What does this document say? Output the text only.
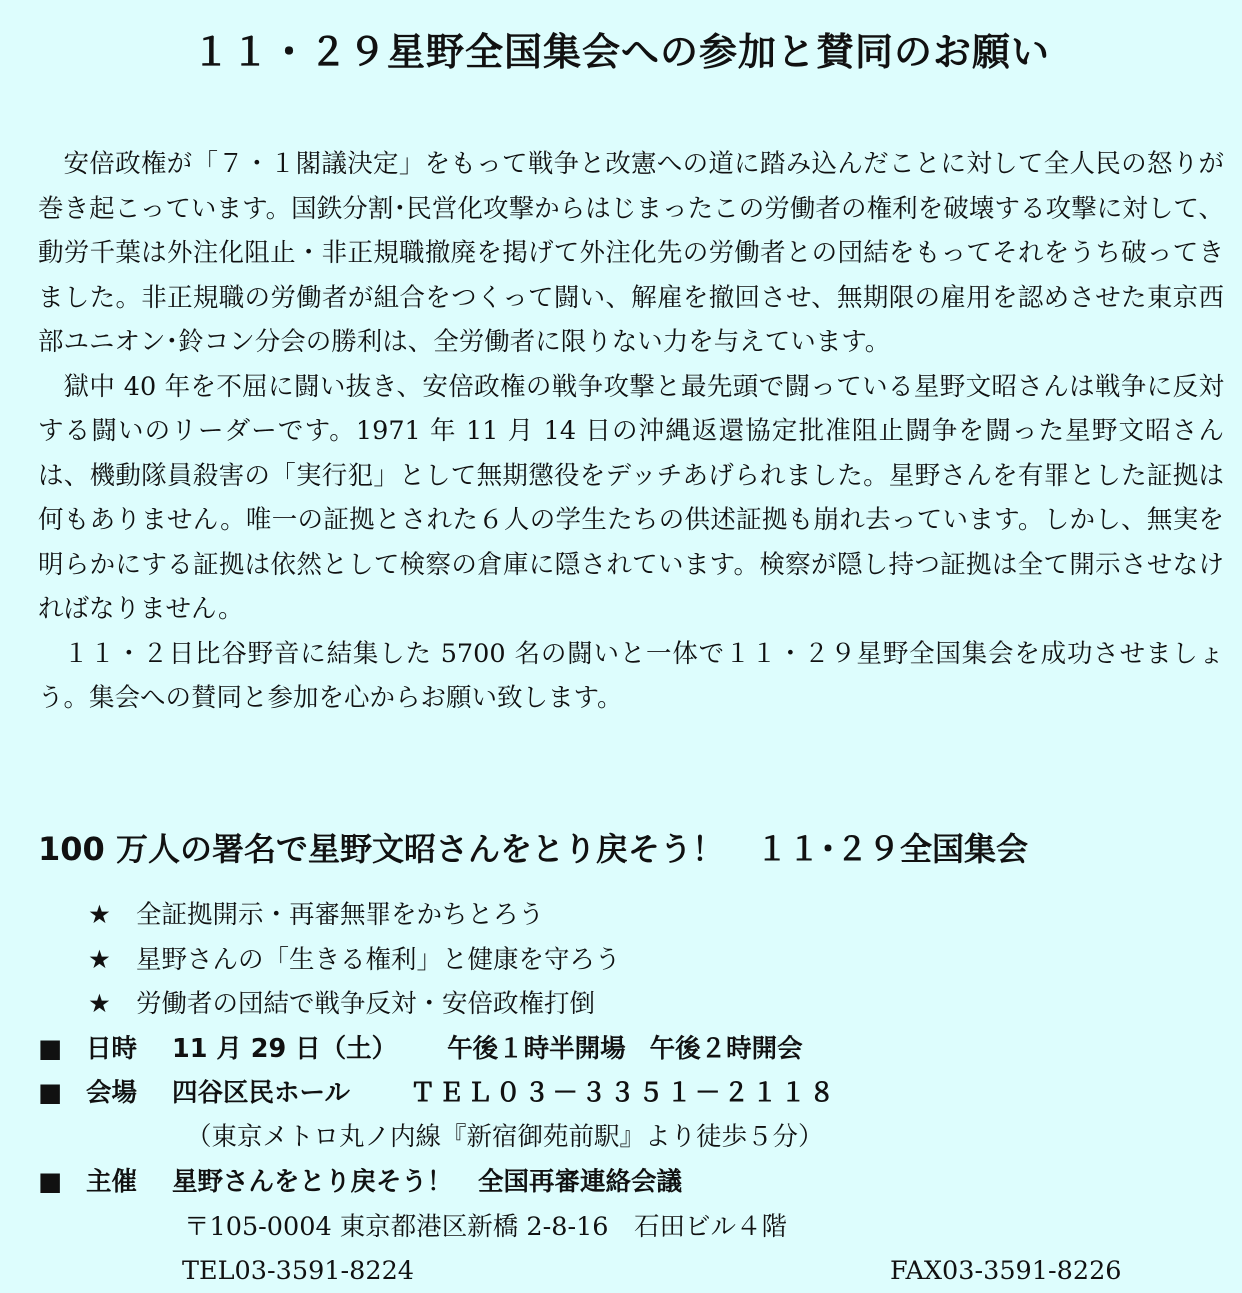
１１・２９星野全国集会への参加と賛同のお願い

安倍政権が「７・１閣議決定」をもって戦争と改憲への道に踏み込んだことに対して全人民の怒りが巻き起こっています。国鉄分割･民営化攻撃からはじまったこの労働者の権利を破壊する攻撃に対して、動労千葉は外注化阻止・非正規職撤廃を掲げて外注化先の労働者との団結をもってそれをうち破ってきました。非正規職の労働者が組合をつくって闘い、解雇を撤回させ、無期限の雇用を認めさせた東京西部ユニオン･鈴コン分会の勝利は、全労働者に限りない力を与えています。

獄中 40 年を不屈に闘い抜き、安倍政権の戦争攻撃と最先頭で闘っている星野文昭さんは戦争に反対する闘いのリーダーです。1971 年 11 月 14 日の沖縄返還協定批准阻止闘争を闘った星野文昭さんは、機動隊員殺害の「実行犯」として無期懲役をデッチあげられました。星野さんを有罪とした証拠は何もありません。唯一の証拠とされた６人の学生たちの供述証拠も崩れ去っています。しかし、無実を明らかにする証拠は依然として検察の倉庫に隠されています。検察が隠し持つ証拠は全て開示させなければなりません。

１１・２日比谷野音に結集した 5700 名の闘いと一体で１１・２９星野全国集会を成功させましょう。集会への賛同と参加を心からお願い致します。

100 万人の署名で星野文昭さんをとり戻そう！　１１･２９全国集会
★ 全証拠開示・再審無罪をかちとろう
★ 星野さんの「生きる権利」と健康を守ろう
★ 労働者の団結で戦争反対・安倍政権打倒
■ 日時 11 月 29 日（土） 午後１時半開場 午後２時開会
■ 会場 四谷区民ホール ＴＥＬ０３－３３５１－２１１８
（東京メトロ丸ノ内線『新宿御苑前駅』より徒歩５分）
■ 主催 星野さんをとり戻そう！　全国再審連絡会議
〒105-0004 東京都港区新橋 2-8-16　石田ビル４階
TEL03-3591-8224	FAX03-3591-8226
